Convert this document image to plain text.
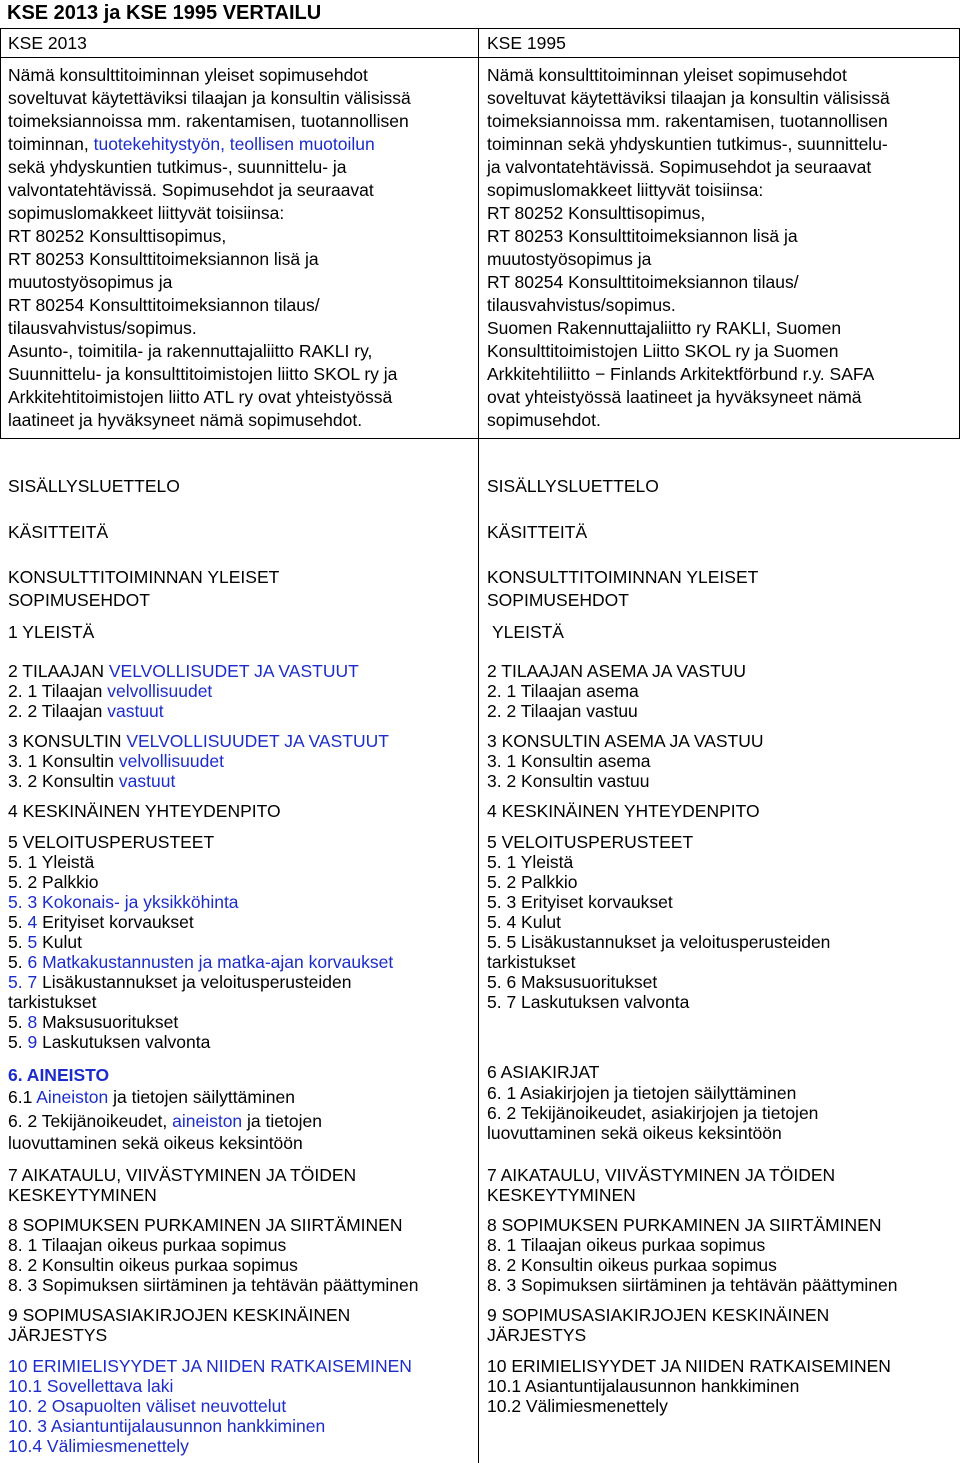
KSE 2013 ja KSE 1995 VERTAILU
KSE 2013	KSE 1995
Nämä konsulttitoiminnan yleiset sopimusehdot
soveltuvat käytettäviksi tilaajan ja konsultin välisissä
toimeksiannoissa mm. rakentamisen, tuotannollisen
toiminnan, tuotekehitystyön, teollisen muotoilun
sekä yhdyskuntien tutkimus-, suunnittelu- ja
valvontatehtävissä. Sopimusehdot ja seuraavat
sopimuslomakkeet liittyvät toisiinsa:
RT 80252 Konsulttisopimus,
RT 80253 Konsulttitoimeksiannon lisä ja
muutostyösopimus ja
RT 80254 Konsulttitoimeksiannon tilaus/
tilausvahvistus/sopimus.
Asunto-, toimitila- ja rakennuttajaliitto RAKLI ry,
Suunnittelu- ja konsulttitoimistojen liitto SKOL ry ja
Arkkitehtitoimistojen liitto ATL ry ovat yhteistyössä
laatineet ja hyväksyneet nämä sopimusehdot.
Nämä konsulttitoiminnan yleiset sopimusehdot
soveltuvat käytettäviksi tilaajan ja konsultin välisissä
toimeksiannoissa mm. rakentamisen, tuotannollisen
toiminnan sekä yhdyskuntien tutkimus-, suunnittelu-
ja valvontatehtävissä. Sopimusehdot ja seuraavat
sopimuslomakkeet liittyvät toisiinsa:
RT 80252 Konsulttisopimus,
RT 80253 Konsulttitoimeksiannon lisä ja
muutostyösopimus ja
RT 80254 Konsulttitoimeksiannon tilaus/
tilausvahvistus/sopimus.
Suomen Rakennuttajaliitto ry RAKLI, Suomen
Konsulttitoimistojen Liitto SKOL ry ja Suomen
Arkkitehtiliitto − Finlands Arkitektförbund r.y. SAFA
ovat yhteistyössä laatineet ja hyväksyneet nämä
sopimusehdot.
SISÄLLYSLUETTELO
KÄSITTEITÄ
KONSULTTITOIMINNAN YLEISET
SOPIMUSEHDOT
1 YLEISTÄ
2 TILAAJAN VELVOLLISUDET JA VASTUUT
2. 1 Tilaajan velvollisuudet
2. 2 Tilaajan vastuut
3 KONSULTIN VELVOLLISUUDET JA VASTUUT
3. 1 Konsultin velvollisuudet
3. 2 Konsultin vastuut
4 KESKINÄINEN YHTEYDENPITO
5 VELOITUSPERUSTEET
5. 1 Yleistä
5. 2 Palkkio
5. 3 Kokonais- ja yksikköhinta
5. 4 Erityiset korvaukset
5. 5 Kulut
5. 6 Matkakustannusten ja matka-ajan korvaukset
5. 7 Lisäkustannukset ja veloitusperusteiden
tarkistukset
5. 8 Maksusuoritukset
5. 9 Laskutuksen valvonta
6. AINEISTO
6.1 Aineiston ja tietojen säilyttäminen
6. 2 Tekijänoikeudet, aineiston ja tietojen
luovuttaminen sekä oikeus keksintöön
7 AIKATAULU, VIIVÄSTYMINEN JA TÖIDEN
KESKEYTYMINEN
8 SOPIMUKSEN PURKAMINEN JA SIIRTÄMINEN
8. 1 Tilaajan oikeus purkaa sopimus
8. 2 Konsultin oikeus purkaa sopimus
8. 3 Sopimuksen siirtäminen ja tehtävän päättyminen
9 SOPIMUSASIAKIRJOJEN KESKINÄINEN
JÄRJESTYS
10 ERIMIELISYYDET JA NIIDEN RATKAISEMINEN
10.1 Sovellettava laki
10. 2 Osapuolten väliset neuvottelut
10. 3 Asiantuntijalausunnon hankkiminen
10.4 Välimiesmenettely
SISÄLLYSLUETTELO
KÄSITTEITÄ
KONSULTTITOIMINNAN YLEISET
SOPIMUSEHDOT
YLEISTÄ
2 TILAAJAN ASEMA JA VASTUU
2. 1 Tilaajan asema
2. 2 Tilaajan vastuu
3 KONSULTIN ASEMA JA VASTUU
3. 1 Konsultin asema
3. 2 Konsultin vastuu
4 KESKINÄINEN YHTEYDENPITO
5 VELOITUSPERUSTEET
5. 1 Yleistä
5. 2 Palkkio
5. 3 Erityiset korvaukset
5. 4 Kulut
5. 5 Lisäkustannukset ja veloitusperusteiden
tarkistukset
5. 6 Maksusuoritukset
5. 7 Laskutuksen valvonta
6 ASIAKIRJAT
6. 1 Asiakirjojen ja tietojen säilyttäminen
6. 2 Tekijänoikeudet, asiakirjojen ja tietojen
luovuttaminen sekä oikeus keksintöön
7 AIKATAULU, VIIVÄSTYMINEN JA TÖIDEN
KESKEYTYMINEN
8 SOPIMUKSEN PURKAMINEN JA SIIRTÄMINEN
8. 1 Tilaajan oikeus purkaa sopimus
8. 2 Konsultin oikeus purkaa sopimus
8. 3 Sopimuksen siirtäminen ja tehtävän päättyminen
9 SOPIMUSASIAKIRJOJEN KESKINÄINEN
JÄRJESTYS
10 ERIMIELISYYDET JA NIIDEN RATKAISEMINEN
10.1 Asiantuntijalausunnon hankkiminen
10.2 Välimiesmenettely
